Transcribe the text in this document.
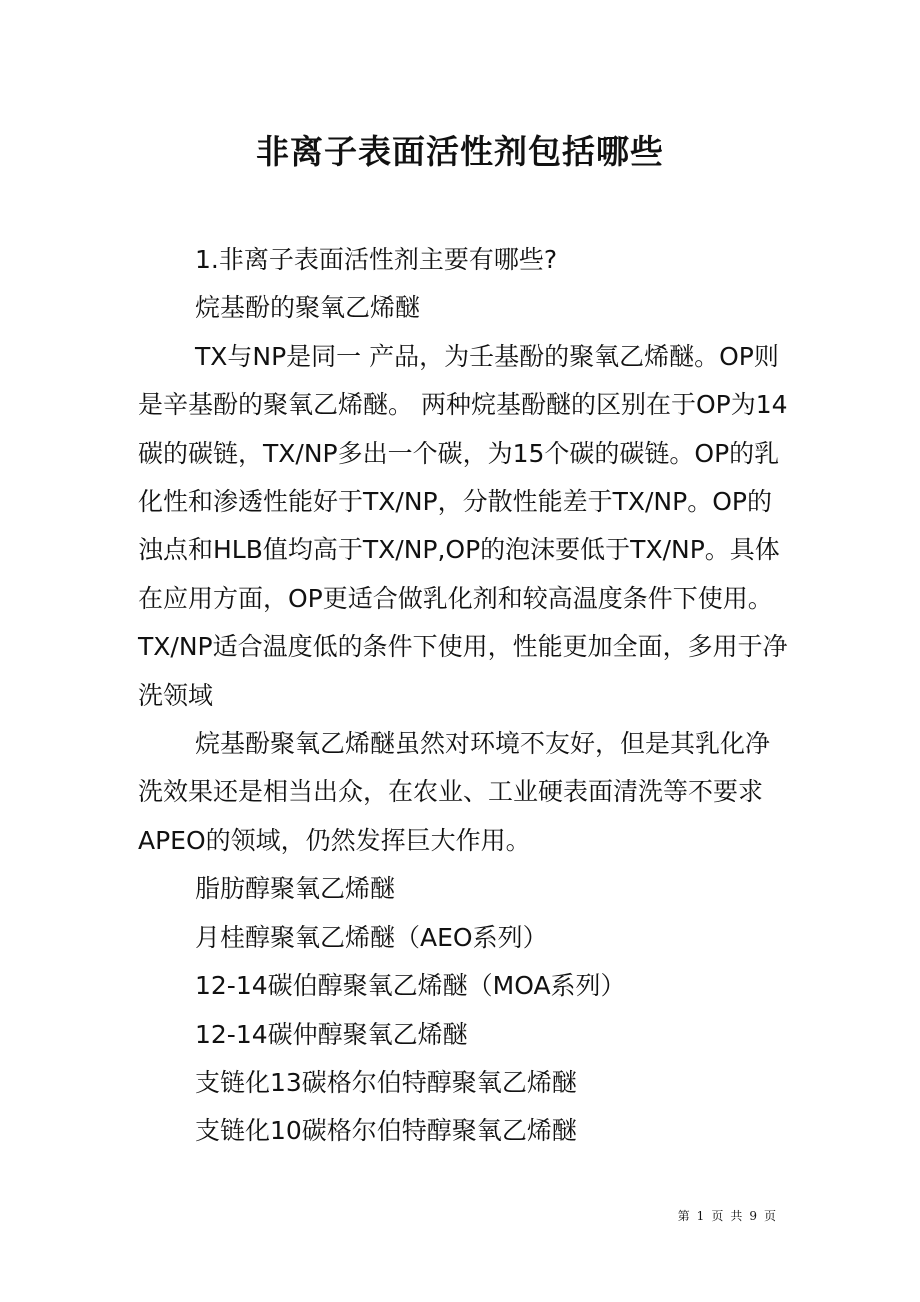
非离子表面活性剂包括哪些

1.非离子表面活性剂主要有哪些?

烷基酚的聚氧乙烯醚

TX与NP是同一 产品，为壬基酚的聚氧乙烯醚。OP则是辛基酚的聚氧乙烯醚。 两种烷基酚醚的区别在于OP为14碳的碳链，TX/NP多出一个碳，为15个碳的碳链。OP的乳化性和渗透性能好于TX/NP，分散性能差于TX/NP。OP的浊点和HLB值均高于TX/NP,OP的泡沫要低于TX/NP。具体在应用方面，OP更适合做乳化剂和较高温度条件下使用。TX/NP适合温度低的条件下使用，性能更加全面，多用于净洗领域

烷基酚聚氧乙烯醚虽然对环境不友好，但是其乳化净洗效果还是相当出众，在农业、工业硬表面清洗等不要求APEO的领域，仍然发挥巨大作用。

脂肪醇聚氧乙烯醚

月桂醇聚氧乙烯醚（AEO系列）

12-14碳伯醇聚氧乙烯醚（MOA系列）

12-14碳仲醇聚氧乙烯醚

支链化13碳格尔伯特醇聚氧乙烯醚

支链化10碳格尔伯特醇聚氧乙烯醚

第 1 页 共 9 页
